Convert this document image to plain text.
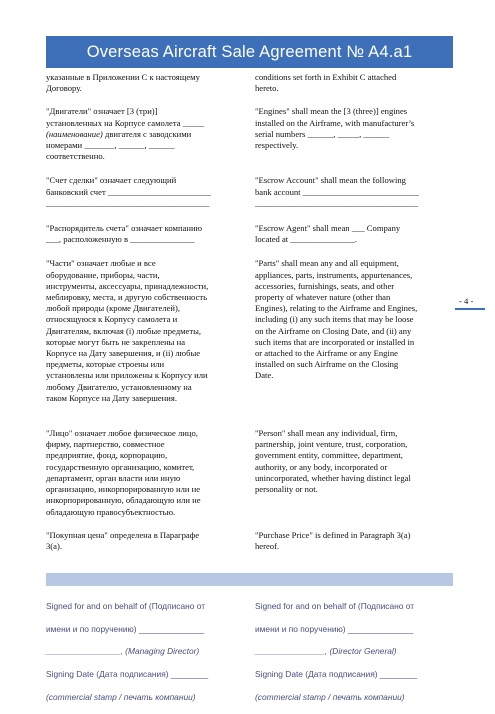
Overseas Aircraft Sale Agreement № A4.a1
указанные в Приложении С к настоящему
Договору.
conditions set forth in Exhibit C attached
hereto.
"Двигатели" означает [3 (три)]
установленных на Корпусе самолета _____
(наименование) двигателя с заводскими
номерами _______, ______, ______
соответственно.
"Engines" shall mean the [3 (three)] engines
installed on the Airframe, with manufacturer’s
serial numbers ______, _____, ______
respectively.
"Счет сделки" означает следующий
банковский счет ________________________
______________________________________
"Escrow Account" shall mean the following
bank account ___________________________
______________________________________
"Распорядитель счета" означает компанию
___, расположенную в _______________
"Escrow Agent" shall mean ___ Company
located at _______________.
"Части" означает любые и все
оборудование, приборы, части,
инструменты, аксессуары, принадлежности,
меблировку, места, и другую собственность
любой природы (кроме Двигателей),
относящуюся к Корпусу самолета и
Двигателям, включая (i) любые предметы,
которые могут быть не закреплены на
Корпусе на Дату завершения, и (ii) любые
предметы, которые строены или
установлены или приложены к Корпусу или
любому Двигателю, установленному на
таком Корпусе на Дату завершения.
"Parts" shall mean any and all equipment,
appliances, parts, instruments, appurtenances,
accessories, furnishings, seats, and other
property of whatever nature (other than
Engines), relating to the Airframe and Engines,
including (i) any such items that may be loose
on the Airframe on Closing Date, and (ii) any
such items that are incorporated or installed in
or attached to the Airframe or any Engine
installed on such Airframe on the Closing
Date.
"Лицо" означает любое физическое лицо,
фирму, партнерство, совместное
предприятие, фонд, корпорацию,
государственную организацию, комитет,
департамент, орган власти или иную
организацию, инкорпорированную или не
инкорпорированную, обладающую или не
обладающую правосубъектностью.
"Person" shall mean any individual, firm,
partnership, joint venture, trust, corporation,
government entity, committee, department,
authority, or any body, incorporated or
unincorporated, whether having distinct legal
personality or not.
"Покупная цена" определена в Параграфе
3(а).
"Purchase Price" is defined in Paragraph 3(a)
hereof.
- 4 -

Signed for and on behalf of (Подписано от

имени и по поручению) ______________

________________, (Managing Director)

Signing Date (Дата подписания) ________

(commercial stamp / печать компании)

Signed for and on behalf of (Подписано от

имени и по поручению) ______________

_______________, (Director General)

Signing Date (Дата подписания) ________

(commercial stamp / печать компании)
